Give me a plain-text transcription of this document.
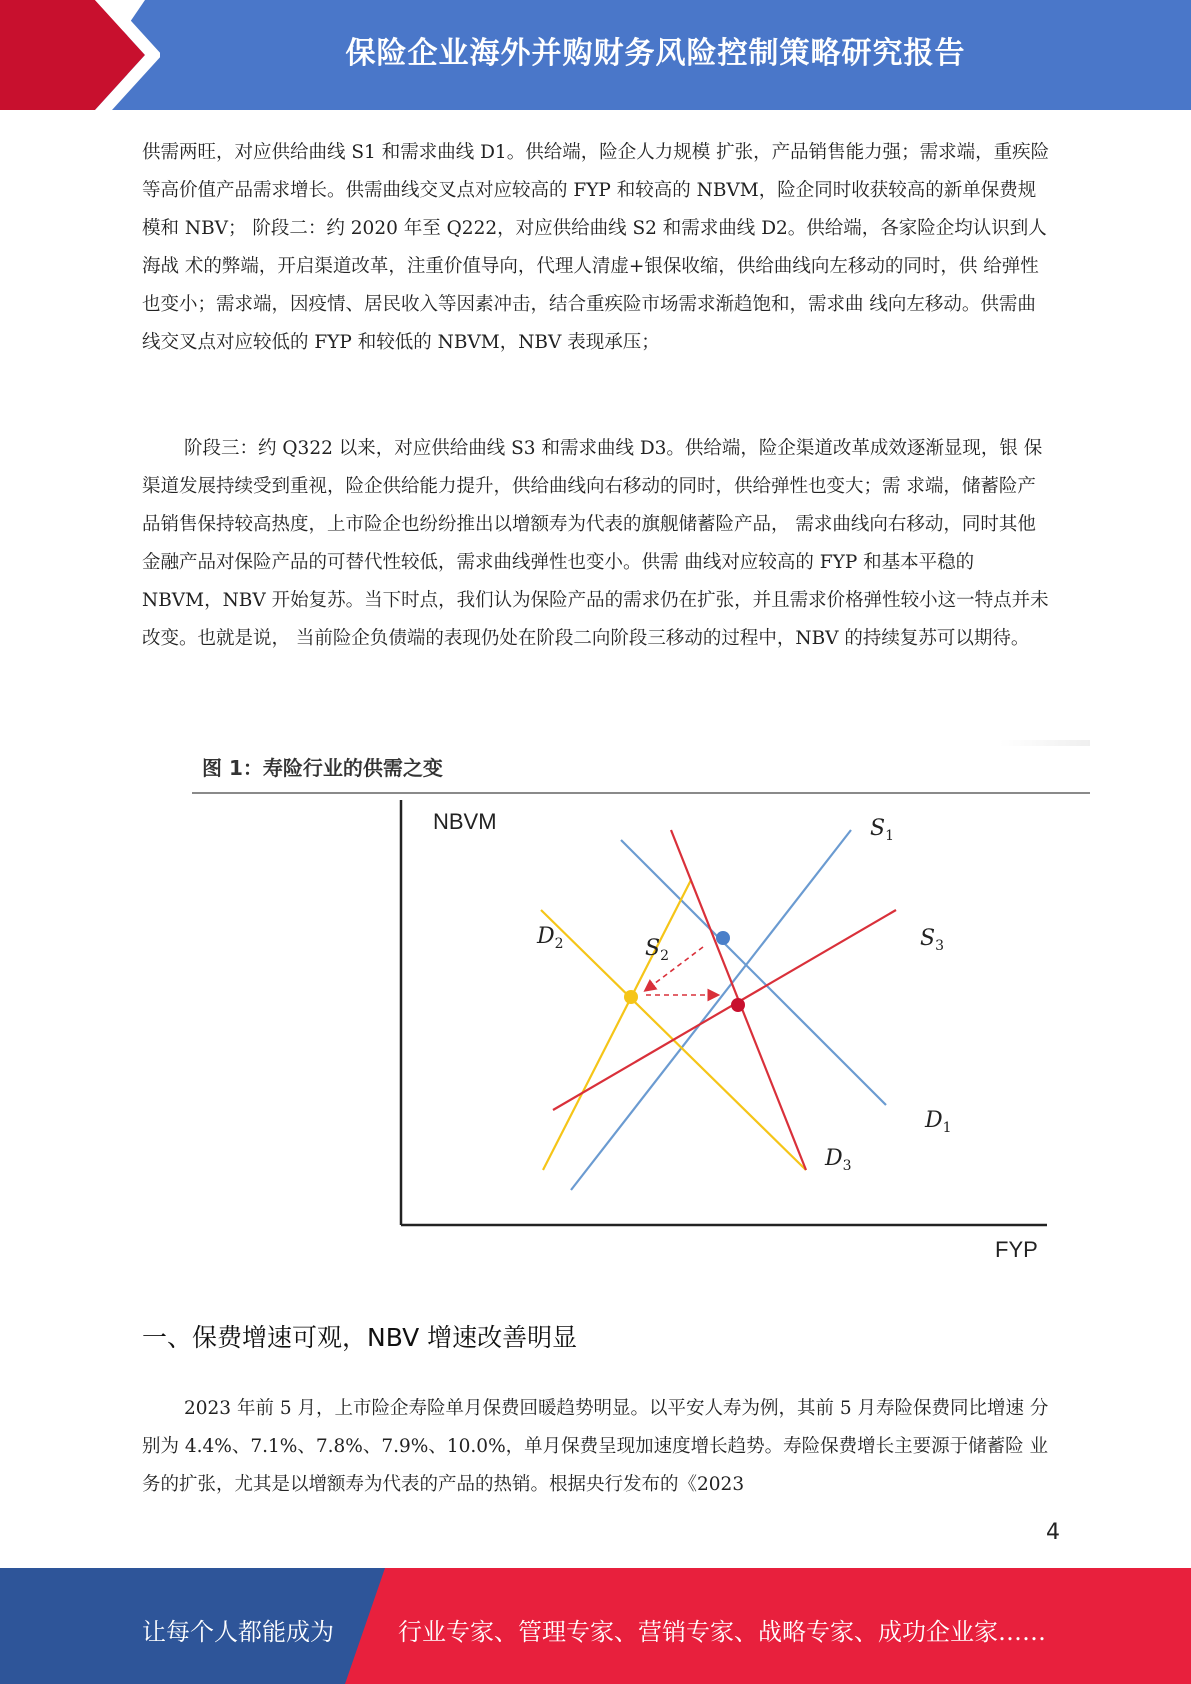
保险企业海外并购财务风险控制策略研究报告

供需两旺，对应供给曲线 S1 和需求曲线 D1。供给端，险企人力规模 扩张，产品销售能力强；需求端，重疾险等高价值产品需求增长。供需曲线交叉点对应较高的 FYP 和较高的 NBVM，险企同时收获较高的新单保费规模和 NBV； 阶段二：约 2020 年至 Q222，对应供给曲线 S2 和需求曲线 D2。供给端，各家险企均认识到人海战 术的弊端，开启渠道改革，注重价值导向，代理人清虚+银保收缩，供给曲线向左移动的同时，供 给弹性也变小；需求端，因疫情、居民收入等因素冲击，结合重疾险市场需求渐趋饱和，需求曲 线向左移动。供需曲线交叉点对应较低的 FYP 和较低的 NBVM，NBV 表现承压；

阶段三：约 Q322 以来，对应供给曲线 S3 和需求曲线 D3。供给端，险企渠道改革成效逐渐显现，银 保渠道发展持续受到重视，险企供给能力提升，供给曲线向右移动的同时，供给弹性也变大；需 求端，储蓄险产品销售保持较高热度，上市险企也纷纷推出以增额寿为代表的旗舰储蓄险产品， 需求曲线向右移动，同时其他金融产品对保险产品的可替代性较低，需求曲线弹性也变小。供需 曲线对应较高的 FYP 和基本平稳的 NBVM，NBV 开始复苏。当下时点，我们认为保险产品的需求仍在扩张，并且需求价格弹性较小这一特点并未改变。也就是说， 当前险企负债端的表现仍处在阶段二向阶段三移动的过程中，NBV 的持续复苏可以期待。

图 1：寿险行业的供需之变
NBVM
FYP
$S_1$
$D_1$
$S_2$
$D_2$	$S_3$
$D_3$
一、保费增速可观，NBV 增速改善明显

2023 年前 5 月，上市险企寿险单月保费回暖趋势明显。以平安人寿为例，其前 5 月寿险保费同比增速 分别为 4.4%、7.1%、7.8%、7.9%、10.0%，单月保费呈现加速度增长趋势。寿险保费增长主要源于储蓄险 业务的扩张，尤其是以增额寿为代表的产品的热销。根据央行发布的《2023

4
让每个人都能成为	行业专家、管理专家、营销专家、战略专家、成功企业家……
